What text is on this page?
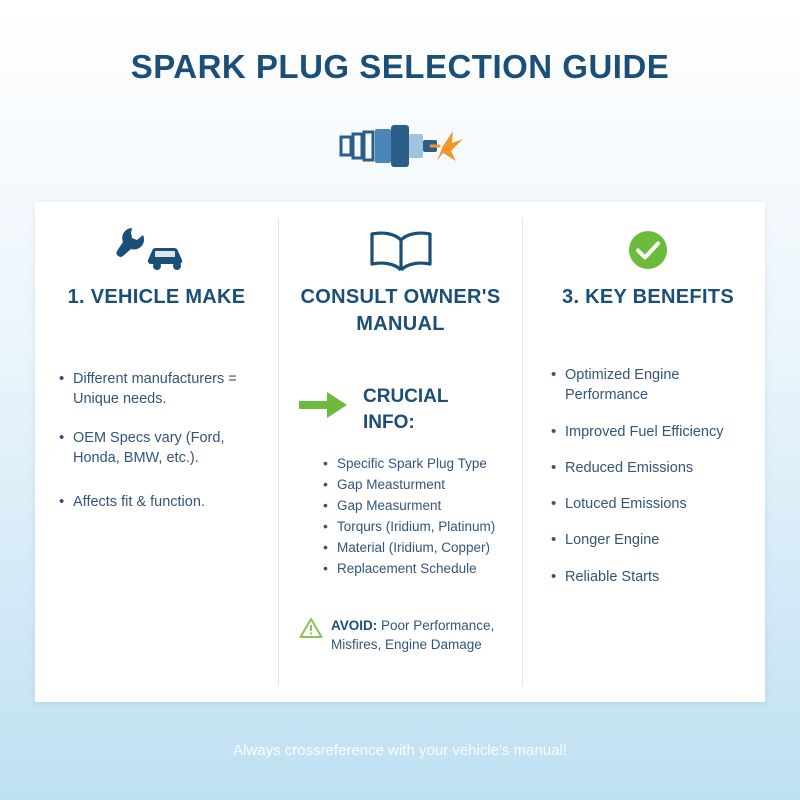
SPARK PLUG SELECTION GUIDE
1. VEHICLE MAKE
• Different manufacturers = Unique needs.
• OEM Specs vary (Ford, Honda, BMW, etc.).
• Affects fit & function.
CONSULT OWNER'S MANUAL
CRUCIAL INFO:
• Specific Spark Plug Type
• Gap Measturment
• Gap Measurment
• Torqurs (Iridium, Platinum)
• Material (Iridium, Copper)
• Replacement Schedule
AVOID: Poor Performance, Misfires, Engine Damage
3. KEY BENEFITS
• Optimized Engine Performance
• Improved Fuel Efficiency
• Reduced Emissions
• Lotuced Emissions
• Longer Engine
• Reliable Starts
Always crossreference with your vehicle's manual!
